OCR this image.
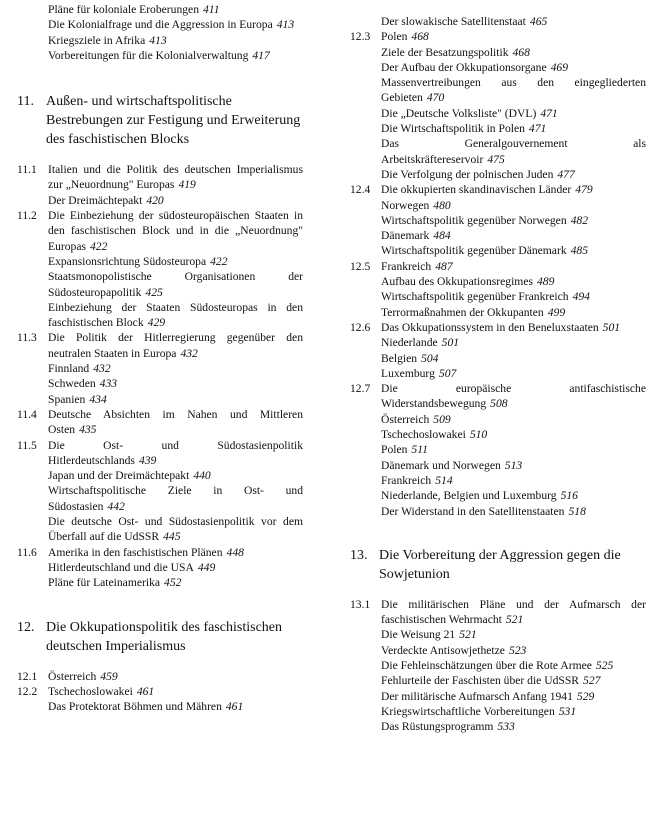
Pläne für koloniale Eroberungen 411
Die Kolonialfrage und die Aggression in Europa 413
Kriegsziele in Afrika 413
Vorbereitungen für die Kolonialverwaltung 417
11. Außen- und wirtschaftspolitische Bestrebungen zur Festigung und Erweiterung des faschistischen Blocks
11.1 Italien und die Politik des deutschen Imperialismus zur „Neuordnung" Europas 419
Der Dreimächtepakt 420
11.2 Die Einbeziehung der südosteuropäischen Staaten in den faschistischen Block und in die „Neuordnung" Europas 422
Expansionsrichtung Südosteuropa 422
Staatsmonopolistische Organisationen der Südosteuropapolitik 425
Einbeziehung der Staaten Südosteuropas in den faschistischen Block 429
11.3 Die Politik der Hitlerregierung gegenüber den neutralen Staaten in Europa 432
Finnland 432
Schweden 433
Spanien 434
11.4 Deutsche Absichten im Nahen und Mittleren Osten 435
11.5 Die Ost- und Südostasienpolitik Hitlerdeutschlands 439
Japan und der Dreimächtepakt 440
Wirtschaftspolitische Ziele in Ost- und Südostasien 442
Die deutsche Ost- und Südostasienpolitik vor dem Überfall auf die UdSSR 445
11.6 Amerika in den faschistischen Plänen 448
Hitlerdeutschland und die USA 449
Pläne für Lateinamerika 452
12. Die Okkupationspolitik des faschistischen deutschen Imperialismus
12.1 Österreich 459
12.2 Tschechoslowakei 461
Das Protektorat Böhmen und Mähren 461
Der slowakische Satellitenstaat 465
12.3 Polen 468
Ziele der Besatzungspolitik 468
Der Aufbau der Okkupationsorgane 469
Massenvertreibungen aus den eingegliederten Gebieten 470
Die „Deutsche Volksliste" (DVL) 471
Die Wirtschaftspolitik in Polen 471
Das Generalgouvernement als Arbeitskräftereservoir 475
Die Verfolgung der polnischen Juden 477
12.4 Die okkupierten skandinavischen Länder 479
Norwegen 480
Wirtschaftspolitik gegenüber Norwegen 482
Dänemark 484
Wirtschaftspolitik gegenüber Dänemark 485
12.5 Frankreich 487
Aufbau des Okkupationsregimes 489
Wirtschaftspolitik gegenüber Frankreich 494
Terrormaßnahmen der Okkupanten 499
12.6 Das Okkupationssystem in den Beneluxstaaten 501
Niederlande 501
Belgien 504
Luxemburg 507
12.7 Die europäische antifaschistische Widerstandsbewegung 508
Österreich 509
Tschechoslowakei 510
Polen 511
Dänemark und Norwegen 513
Frankreich 514
Niederlande, Belgien und Luxemburg 516
Der Widerstand in den Satellitenstaaten 518
13. Die Vorbereitung der Aggression gegen die Sowjetunion
13.1 Die militärischen Pläne und der Aufmarsch der faschistischen Wehrmacht 521
Die Weisung 21 521
Verdeckte Antisowjethetze 523
Die Fehleinschätzungen über die Rote Armee 525
Fehlurteile der Faschisten über die UdSSR 527
Der militärische Aufmarsch Anfang 1941 529
Kriegswirtschaftliche Vorbereitungen 531
Das Rüstungsprogramm 533
